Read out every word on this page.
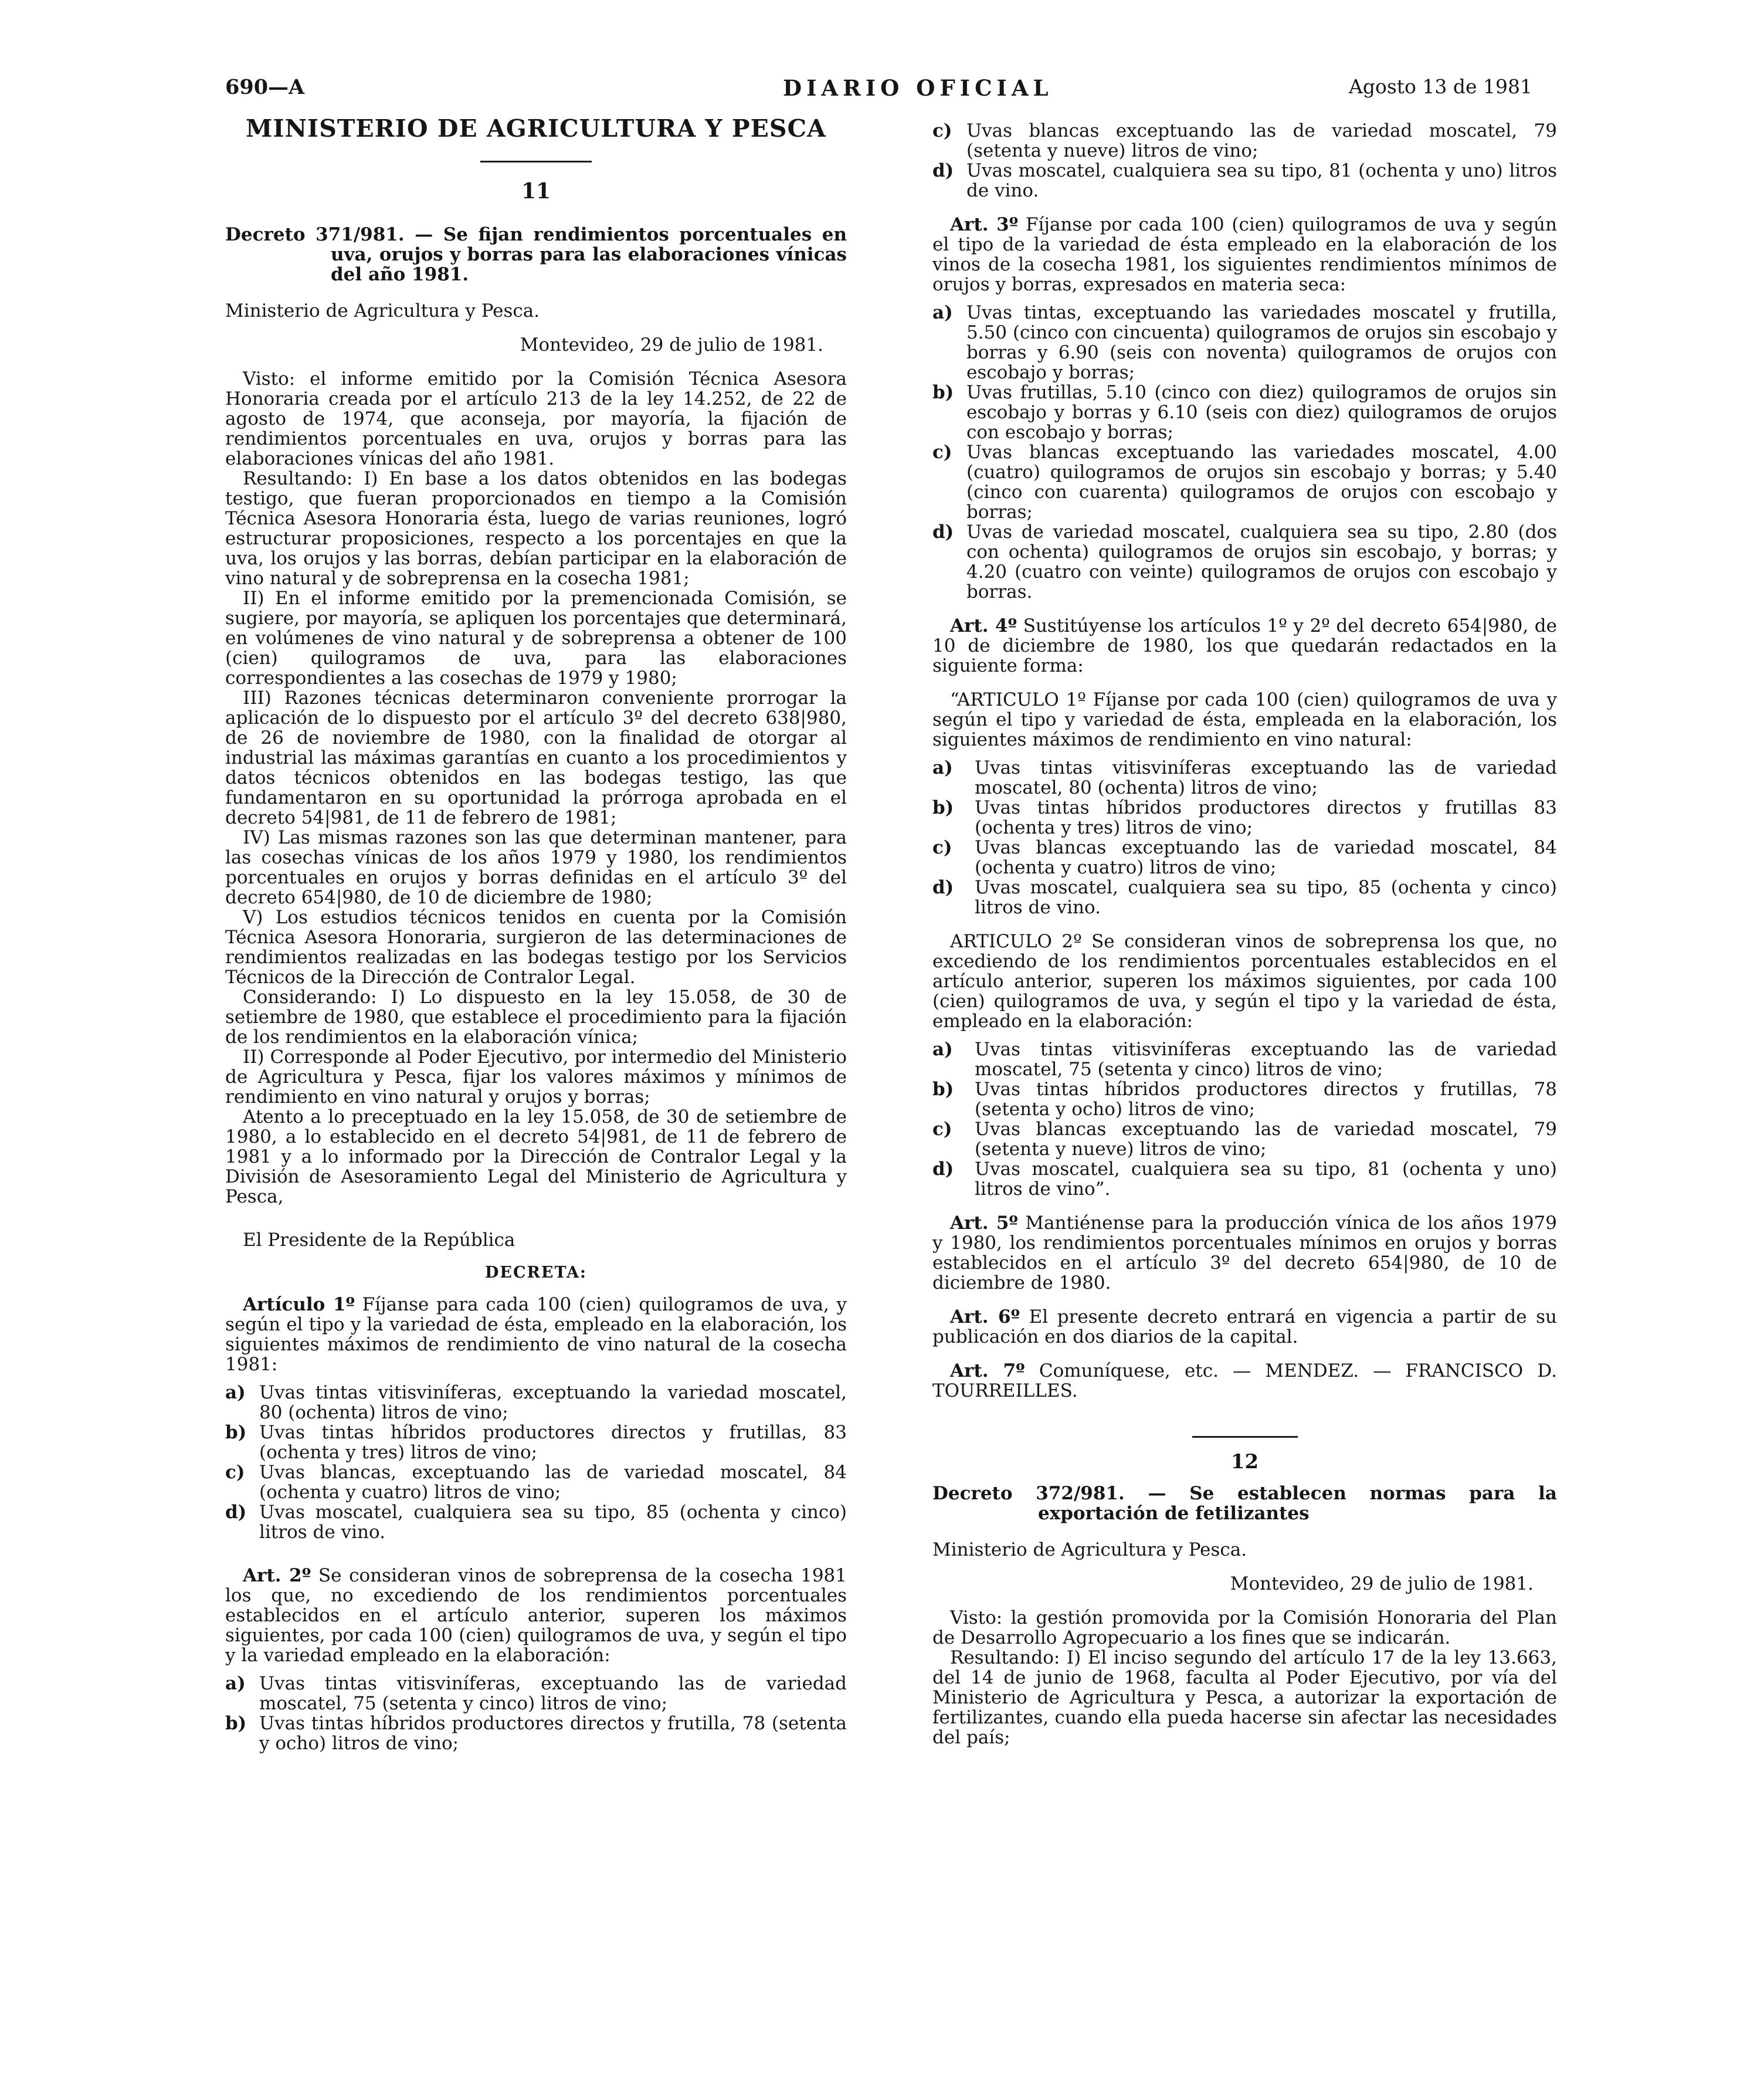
690—A	DIARIO OFICIAL	Agosto 13 de 1981
MINISTERIO DE AGRICULTURA Y PESCA
11

Decreto 371/981. — Se fijan rendimientos porcentuales en uva, orujos y borras para las elaboraciones vínicas del año 1981.

Ministerio de Agricultura y Pesca.

Montevideo, 29 de julio de 1981.

Visto: el informe emitido por la Comisión Técnica Asesora Honoraria creada por el artículo 213 de la ley 14.252, de 22 de agosto de 1974, que aconseja, por mayoría, la fijación de rendimientos porcentuales en uva, orujos y borras para las elaboraciones vínicas del año 1981.

Resultando: I) En base a los datos obtenidos en las bodegas testigo, que fueran proporcionados en tiempo a la Comisión Técnica Asesora Honoraria ésta, luego de varias reuniones, logró estructurar proposiciones, respecto a los porcentajes en que la uva, los orujos y las borras, debían participar en la elaboración de vino natural y de sobreprensa en la cosecha 1981;

II) En el informe emitido por la premencionada Comisión, se sugiere, por mayoría, se apliquen los porcentajes que determinará, en volúmenes de vino natural y de sobreprensa a obtener de 100 (cien) quilogramos de uva, para las elaboraciones correspondientes a las cosechas de 1979 y 1980;

III) Razones técnicas determinaron conveniente prorrogar la aplicación de lo dispuesto por el artículo 3º del decreto 638|980, de 26 de noviembre de 1980, con la finalidad de otorgar al industrial las máximas garantías en cuanto a los procedimientos y datos técnicos obtenidos en las bodegas testigo, las que fundamentaron en su oportunidad la prórroga aprobada en el decreto 54|981, de 11 de febrero de 1981;

IV) Las mismas razones son las que determinan mantener, para las cosechas vínicas de los años 1979 y 1980, los rendimientos porcentuales en orujos y borras definidas en el artículo 3º del decreto 654|980, de 10 de diciembre de 1980;

V) Los estudios técnicos tenidos en cuenta por la Comisión Técnica Asesora Honoraria, surgieron de las determinaciones de rendimientos realizadas en las bodegas testigo por los Servicios Técnicos de la Dirección de Contralor Legal.

Considerando: I) Lo dispuesto en la ley 15.058, de 30 de setiembre de 1980, que establece el procedimiento para la fijación de los rendimientos en la elaboración vínica;

II) Corresponde al Poder Ejecutivo, por intermedio del Ministerio de Agricultura y Pesca, fijar los valores máximos y mínimos de rendimiento en vino natural y orujos y borras;

Atento a lo preceptuado en la ley 15.058, de 30 de setiembre de 1980, a lo establecido en el decreto 54|981, de 11 de febrero de 1981 y a lo informado por la Dirección de Contralor Legal y la División de Asesoramiento Legal del Ministerio de Agricultura y Pesca,

El Presidente de la República

DECRETA:

Artículo 1º Fíjanse para cada 100 (cien) quilogramos de uva, y según el tipo y la variedad de ésta, empleado en la elaboración, los siguientes máximos de rendimiento de vino natural de la cosecha 1981:

a) Uvas tintas vitisviníferas, exceptuando la variedad moscatel, 80 (ochenta) litros de vino;
b) Uvas tintas híbridos productores directos y frutillas, 83 (ochenta y tres) litros de vino;
c) Uvas blancas, exceptuando las de variedad moscatel, 84 (ochenta y cuatro) litros de vino;
d) Uvas moscatel, cualquiera sea su tipo, 85 (ochenta y cinco) litros de vino.

Art. 2º Se consideran vinos de sobreprensa de la cosecha 1981 los que, no excediendo de los rendimientos porcentuales establecidos en el artículo anterior, superen los máximos siguientes, por cada 100 (cien) quilogramos de uva, y según el tipo y la variedad empleado en la elaboración:

a) Uvas tintas vitisviníferas, exceptuando las de variedad moscatel, 75 (setenta y cinco) litros de vino;
b) Uvas tintas híbridos productores directos y frutilla, 78 (setenta y ocho) litros de vino;
c) Uvas blancas exceptuando las de variedad moscatel, 79 (setenta y nueve) litros de vino;
d) Uvas moscatel, cualquiera sea su tipo, 81 (ochenta y uno) litros de vino.

Art. 3º Fíjanse por cada 100 (cien) quilogramos de uva y según el tipo de la variedad de ésta empleado en la elaboración de los vinos de la cosecha 1981, los siguientes rendimientos mínimos de orujos y borras, expresados en materia seca:

a) Uvas tintas, exceptuando las variedades moscatel y frutilla, 5.50 (cinco con cincuenta) quilogramos de orujos sin escobajo y borras y 6.90 (seis con noventa) quilogramos de orujos con escobajo y borras;
b) Uvas frutillas, 5.10 (cinco con diez) quilogramos de orujos sin escobajo y borras y 6.10 (seis con diez) quilogramos de orujos con escobajo y borras;
c) Uvas blancas exceptuando las variedades moscatel, 4.00 (cuatro) quilogramos de orujos sin escobajo y borras; y 5.40 (cinco con cuarenta) quilogramos de orujos con escobajo y borras;
d) Uvas de variedad moscatel, cualquiera sea su tipo, 2.80 (dos con ochenta) quilogramos de orujos sin escobajo, y borras; y 4.20 (cuatro con veinte) quilogramos de orujos con escobajo y borras.

Art. 4º Sustitúyense los artículos 1º y 2º del decreto 654|980, de 10 de diciembre de 1980, los que quedarán redactados en la siguiente forma:

“ARTICULO 1º Fíjanse por cada 100 (cien) quilogramos de uva y según el tipo y variedad de ésta, empleada en la elaboración, los siguientes máximos de rendimiento en vino natural:

a)	Uvas tintas vitisviníferas exceptuando las de variedad moscatel, 80 (ochenta) litros de vino;
b)	Uvas tintas híbridos productores directos y frutillas 83 (ochenta y tres) litros de vino;
c)	Uvas blancas exceptuando las de variedad moscatel, 84 (ochenta y cuatro) litros de vino;
d)	Uvas moscatel, cualquiera sea su tipo, 85 (ochenta y cinco) litros de vino.

ARTICULO 2º Se consideran vinos de sobreprensa los que, no excediendo de los rendimientos porcentuales establecidos en el artículo anterior, superen los máximos siguientes, por cada 100 (cien) quilogramos de uva, y según el tipo y la variedad de ésta, empleado en la elaboración:

a)	Uvas tintas vitisviníferas exceptuando las de variedad moscatel, 75 (setenta y cinco) litros de vino;
b)	Uvas tintas híbridos productores directos y frutillas, 78 (setenta y ocho) litros de vino;
c)	Uvas blancas exceptuando las de variedad moscatel, 79 (setenta y nueve) litros de vino;
d)	Uvas moscatel, cualquiera sea su tipo, 81 (ochenta y uno) litros de vino”.

Art. 5º Mantiénense para la producción vínica de los años 1979 y 1980, los rendimientos porcentuales mínimos en orujos y borras establecidos en el artículo 3º del decreto 654|980, de 10 de diciembre de 1980.

Art. 6º El presente decreto entrará en vigencia a partir de su publicación en dos diarios de la capital.

Art. 7º Comuníquese, etc. — MENDEZ. — FRANCISCO D. TOURREILLES.

12

Decreto 372/981. — Se establecen normas para la exportación de fetilizantes

Ministerio de Agricultura y Pesca.

Montevideo, 29 de julio de 1981.

Visto: la gestión promovida por la Comisión Honoraria del Plan de Desarrollo Agropecuario a los fines que se indicarán.

Resultando: I) El inciso segundo del artículo 17 de la ley 13.663, del 14 de junio de 1968, faculta al Poder Ejecutivo, por vía del Ministerio de Agricultura y Pesca, a autorizar la exportación de fertilizantes, cuando ella pueda hacerse sin afectar las necesidades del país;
